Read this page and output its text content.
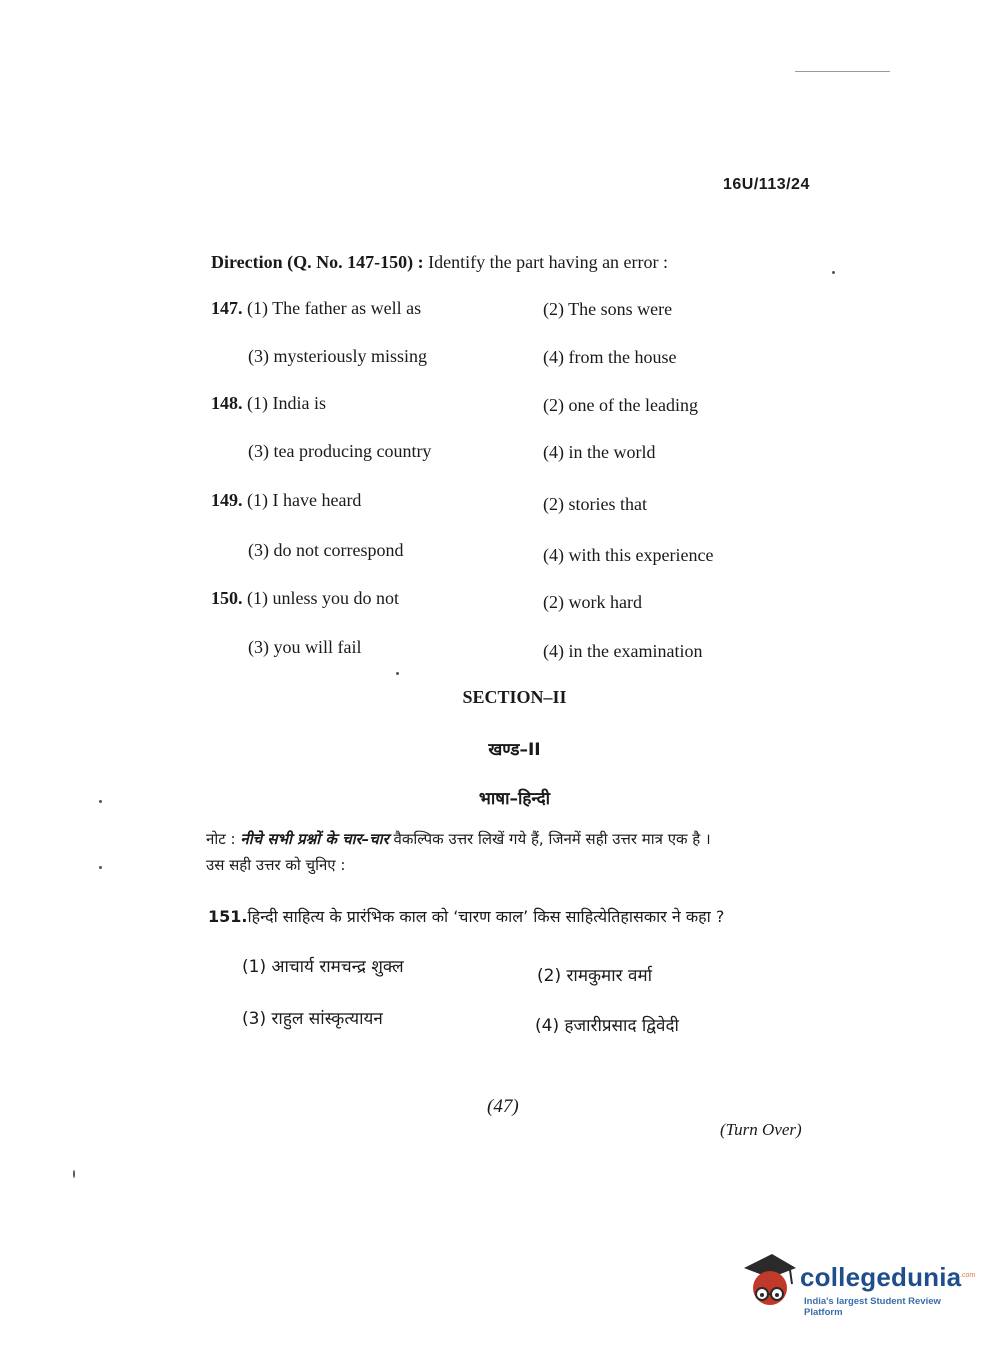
16U/113/24
Direction (Q. No. 147-150) : Identify the part having an error :
147. (1) The father as well as	(2) The sons were
(3) mysteriously missing	(4) from the house
148. (1) India is	(2) one of the leading
(3) tea producing country	(4) in the world
149. (1) I have heard	(2) stories that
(3) do not correspond	(4) with this experience
150. (1) unless you do not	(2) work hard
(3) you will fail	(4) in the examination
SECTION–II
खण्ड–II
भाषा–हिन्दी
नोट : नीचे सभी प्रश्नों के चार–चार वैकल्पिक उत्तर लिखें गये हैं, जिनमें सही उत्तर मात्र एक है ।
उस सही उत्तर को चुनिए :
151.हिन्दी साहित्य के प्रारंभिक काल को ‘चारण काल’ किस साहित्येतिहासकार ने कहा ?
(1) आचार्य रामचन्द्र शुक्ल	(2) रामकुमार वर्मा
(3) राहुल सांस्कृत्यायन	(4) हजारीप्रसाद द्विवेदी
(47)
(Turn Over)
collegedunia
.com
India's largest Student Review Platform
